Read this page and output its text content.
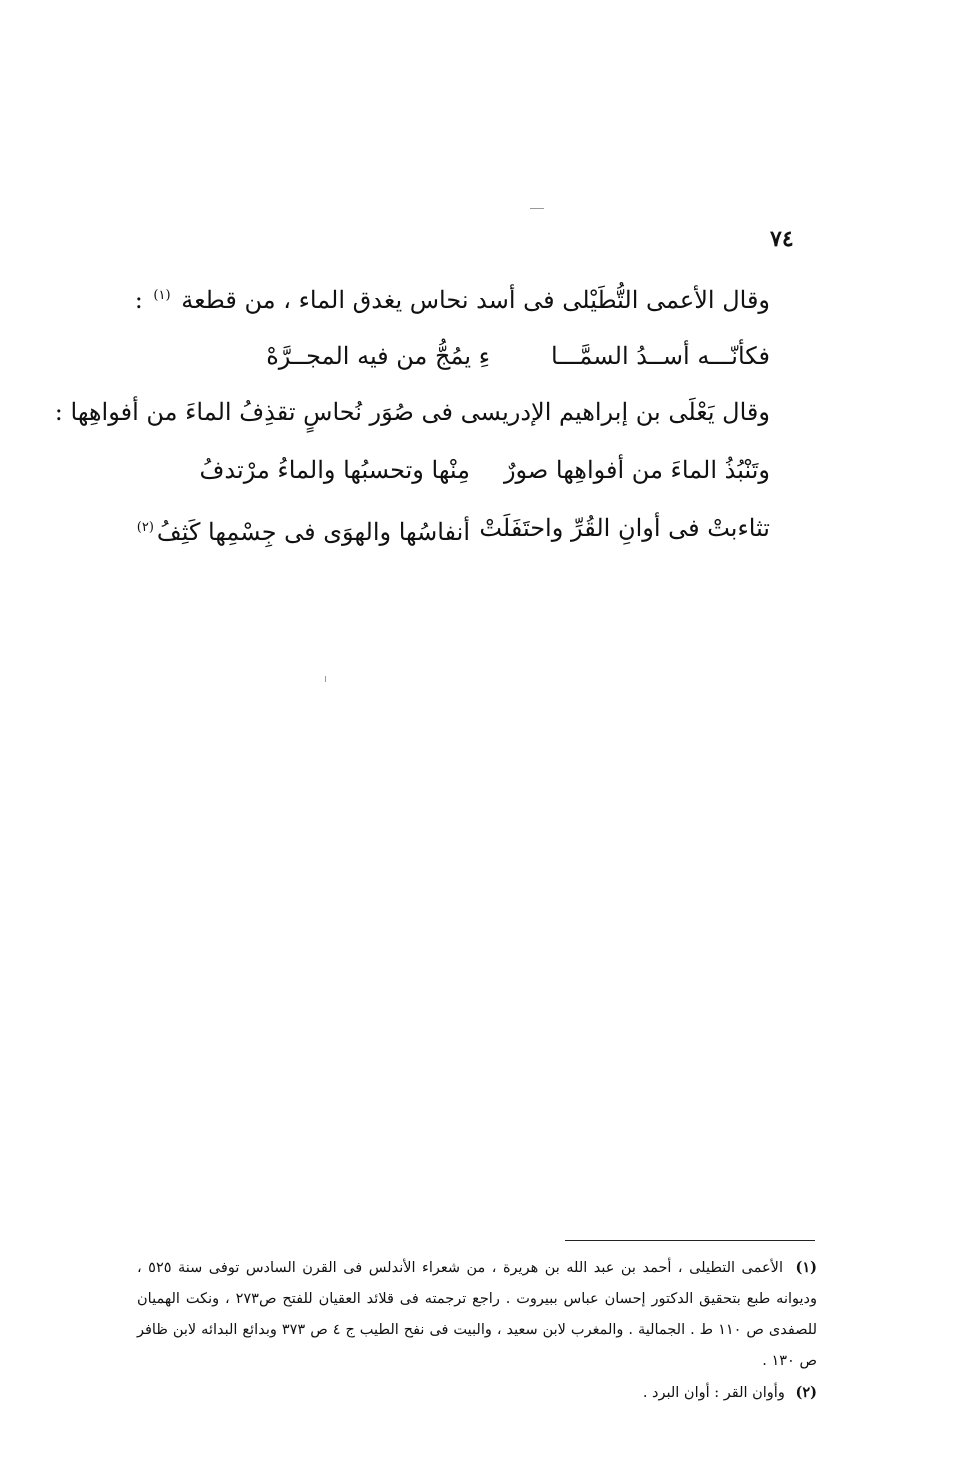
٧٤
وقال الأعمى التُّطَيْلى فى أسد نحاس يغدق الماء ، من قطعة $^{(١)}$ :
فكأنّـــه أســدُ السمَّـــا
ءِ يمُجُّ من فيه المجــرَّهْ
وقال يَعْلَى بن إبراهيم الإدريسى فى صُوَر نُحاسٍ تقذِفُ الماءَ من أفواهِها :
وتَنْبُذُ الماءَ من أفواهِها صورٌ
مِنْها وتحسبُها والماءُ مرْتدفُ
تثاءبتْ فى أوانِ القُرِّ واحتَفَلَتْ
أنفاسُها والهوَى فى جِسْمِها كَثِفُ$^{(٢)}$

(١) الأعمى التطيلى ، أحمد بن عبد الله بن هريرة ، من شعراء الأندلس فى القرن السادس توفى سنة ٥٢٥ ، وديوانه طبع بتحقيق الدكتور إحسان عباس ببيروت . راجع ترجمته فى قلائد العقيان للفتح ص٢٧٣ ، ونكت الهميان للصفدى ص ١١٠ ط . الجمالية . والمغرب لابن سعيد ، والبيت فى نفح الطيب ج ٤ ص ٣٧٣ وبدائع البدائه لابن ظافر ص ١٣٠ .

(٢) وأوان القر : أوان البرد .
